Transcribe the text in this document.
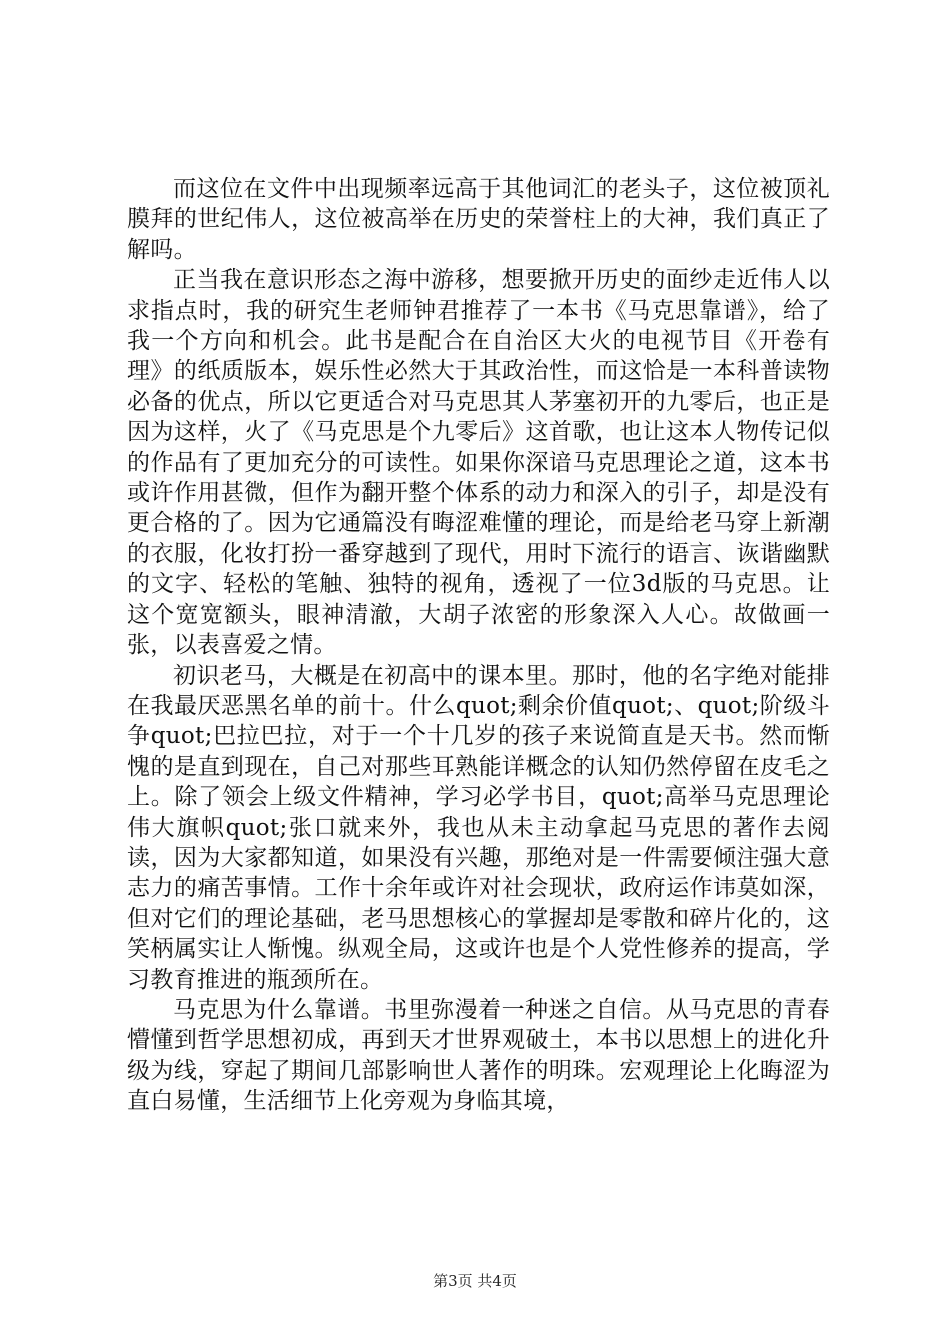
而这位在文件中出现频率远高于其他词汇的老头子，这位被顶礼膜拜的世纪伟人，这位被高举在历史的荣誉柱上的大神，我们真正了解吗。

正当我在意识形态之海中游移，想要掀开历史的面纱走近伟人以求指点时，我的研究生老师钟君推荐了一本书《马克思靠谱》，给了我一个方向和机会。此书是配合在自治区大火的电视节目《开卷有理》的纸质版本，娱乐性必然大于其政治性，而这恰是一本科普读物必备的优点，所以它更适合对马克思其人茅塞初开的九零后，也正是因为这样，火了《马克思是个九零后》这首歌，也让这本人物传记似的作品有了更加充分的可读性。如果你深谙马克思理论之道，这本书或许作用甚微，但作为翻开整个体系的动力和深入的引子，却是没有更合格的了。因为它通篇没有晦涩难懂的理论，而是给老马穿上新潮的衣服，化妆打扮一番穿越到了现代，用时下流行的语言、诙谐幽默的文字、轻松的笔触、独特的视角，透视了一位3d版的马克思。让这个宽宽额头，眼神清澈，大胡子浓密的形象深入人心。故做画一张，以表喜爱之情。

初识老马，大概是在初高中的课本里。那时，他的名字绝对能排在我最厌恶黑名单的前十。什么quot;剩余价值quot;、quot;阶级斗争quot;巴拉巴拉，对于一个十几岁的孩子来说简直是天书。然而惭愧的是直到现在，自己对那些耳熟能详概念的认知仍然停留在皮毛之上。除了领会上级文件精神，学习必学书目，quot;高举马克思理论伟大旗帜quot;张口就来外，我也从未主动拿起马克思的著作去阅读，因为大家都知道，如果没有兴趣，那绝对是一件需要倾注强大意志力的痛苦事情。工作十余年或许对社会现状，政府运作讳莫如深，但对它们的理论基础，老马思想核心的掌握却是零散和碎片化的，这笑柄属实让人惭愧。纵观全局，这或许也是个人党性修养的提高，学习教育推进的瓶颈所在。

马克思为什么靠谱。书里弥漫着一种迷之自信。从马克思的青春懵懂到哲学思想初成，再到天才世界观破土，本书以思想上的进化升级为线，穿起了期间几部影响世人著作的明珠。宏观理论上化晦涩为直白易懂，生活细节上化旁观为身临其境，

第3页 共4页
